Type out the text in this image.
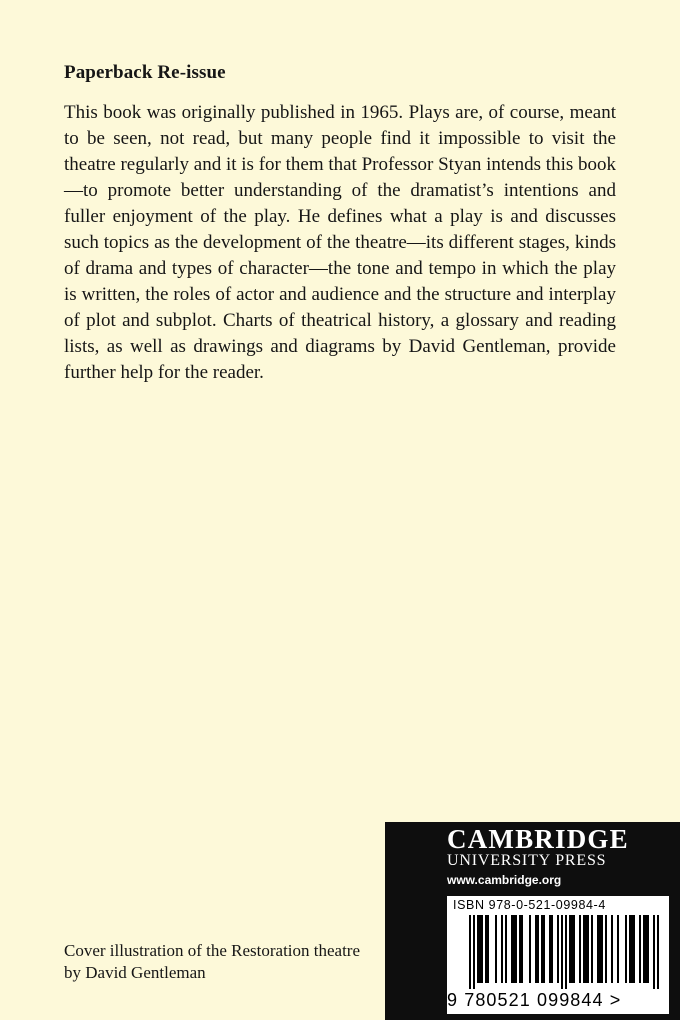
Paperback Re-issue
This book was originally published in 1965. Plays are, of course, meant to be seen, not read, but many people find it impossible to visit the theatre regularly and it is for them that Professor Styan intends this book—to promote better understanding of the dramatist’s intentions and fuller enjoyment of the play. He defines what a play is and discusses such topics as the development of the theatre—its different stages, kinds of drama and types of character—the tone and tempo in which the play is written, the roles of actor and audience and the structure and interplay of plot and subplot. Charts of theatrical history, a glossary and reading lists, as well as drawings and diagrams by David Gentleman, provide further help for the reader.
Cover illustration of the Restoration theatre by David Gentleman
CAMBRIDGE
UNIVERSITY PRESS
www.cambridge.org
ISBN 978-0-521-09984-4
9 780521 099844 >
